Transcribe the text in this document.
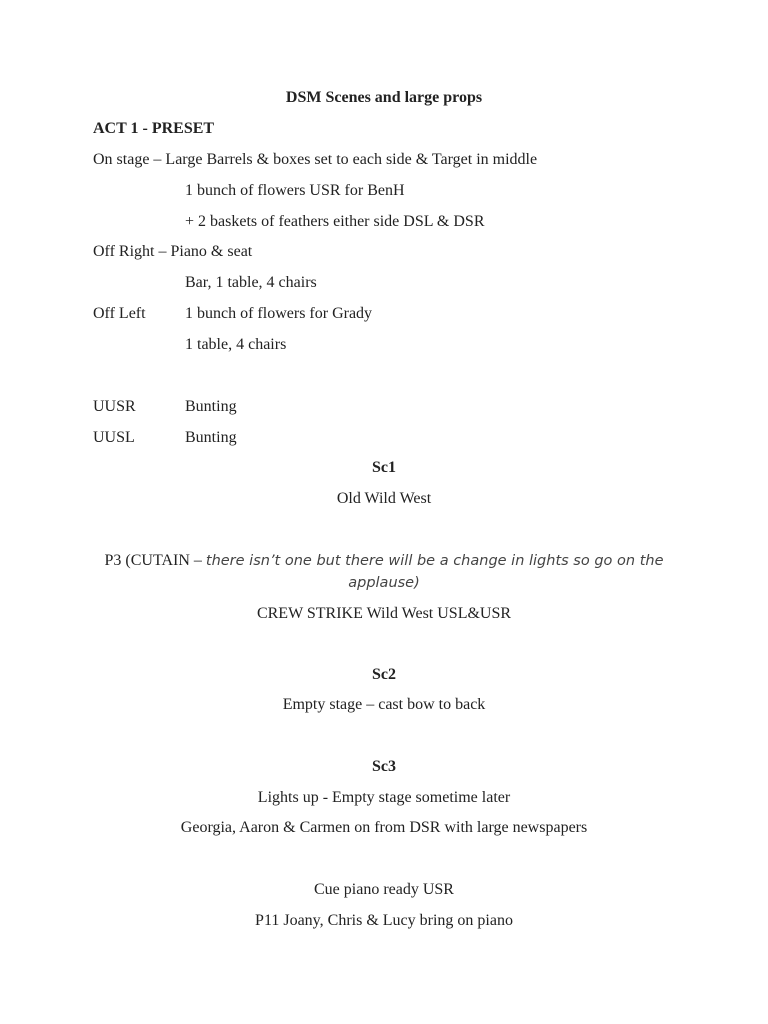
DSM Scenes and large props
ACT 1 - PRESET
On stage – Large Barrels & boxes set to each side & Target in middle
1 bunch of flowers USR for BenH
+ 2 baskets of feathers either side DSL & DSR
Off Right – Piano & seat
Bar, 1 table, 4 chairs
Off Left 1 bunch of flowers for Grady
1 table, 4 chairs
UUSR	Bunting
UUSL	Bunting
Sc1
Old Wild West
P3 (CUTAIN – there isn’t one but there will be a change in lights so go on the applause)
CREW STRIKE Wild West USL&USR
Sc2
Empty stage – cast bow to back
Sc3
Lights up - Empty stage sometime later
Georgia, Aaron & Carmen on from DSR with large newspapers
Cue piano ready USR
P11 Joany, Chris & Lucy bring on piano
